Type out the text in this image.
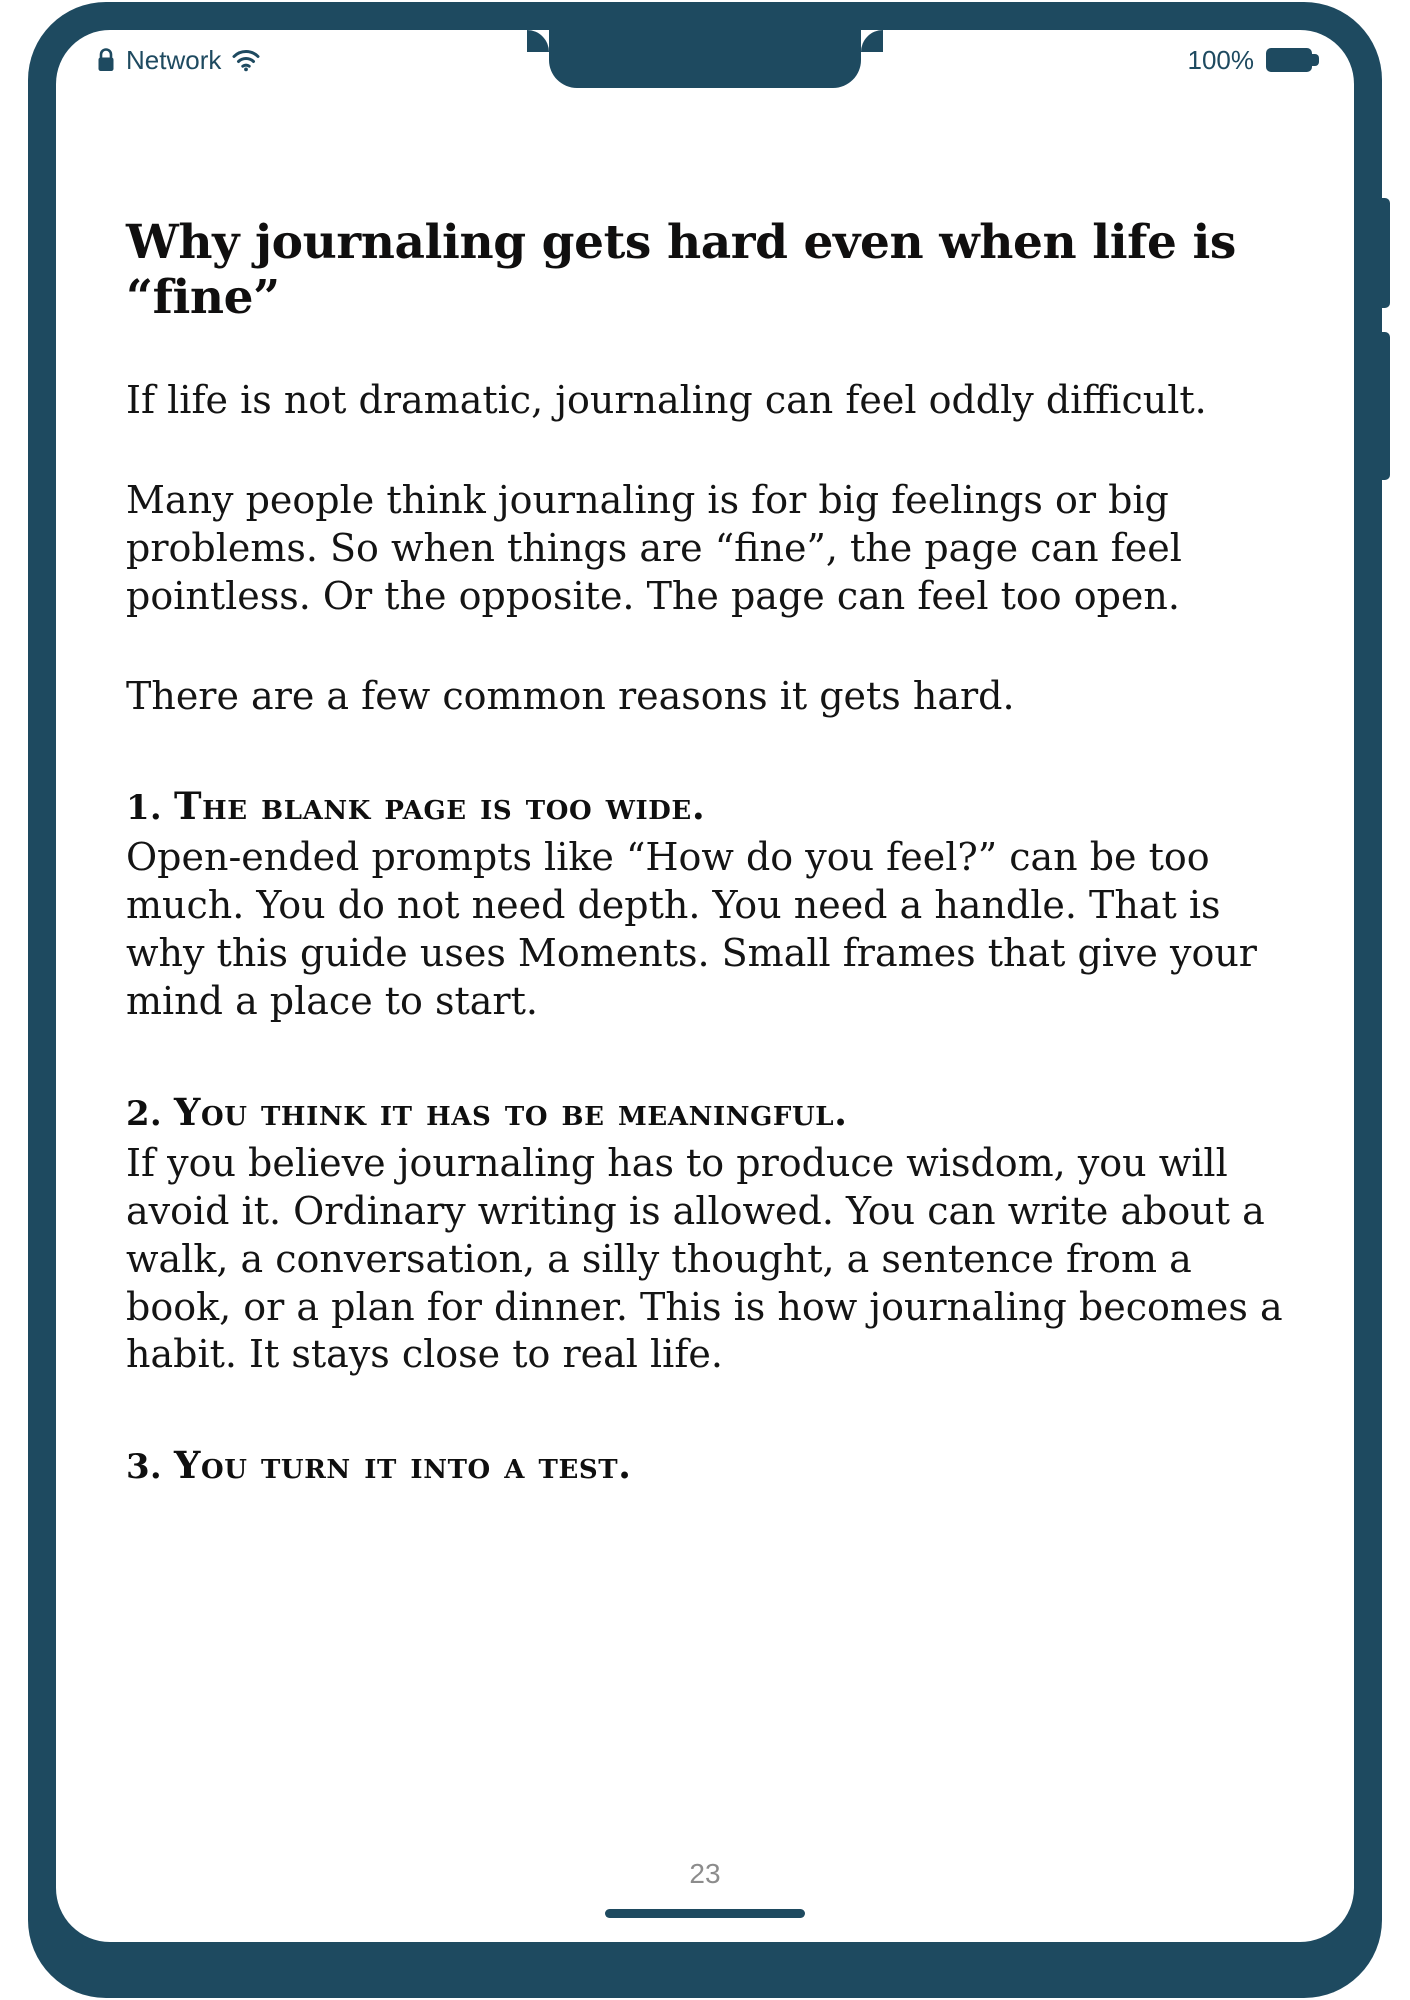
Network	100%
Why journaling gets hard even when life is “fine”

If life is not dramatic, journaling can feel oddly difficult.

Many people think journaling is for big feelings or big problems. So when things are “fine”, the page can feel pointless. Or the opposite. The page can feel too open.

There are a few common reasons it gets hard.

1. The blank page is too wide.

Open-ended prompts like “How do you feel?” can be too much. You do not need depth. You need a handle. That is why this guide uses Moments. Small frames that give your mind a place to start.

2. You think it has to be meaningful.

If you believe journaling has to produce wisdom, you will avoid it. Ordinary writing is allowed. You can write about a walk, a conversation, a silly thought, a sentence from a book, or a plan for dinner. This is how journaling becomes a habit. It stays close to real life.

3. You turn it into a test.

23
